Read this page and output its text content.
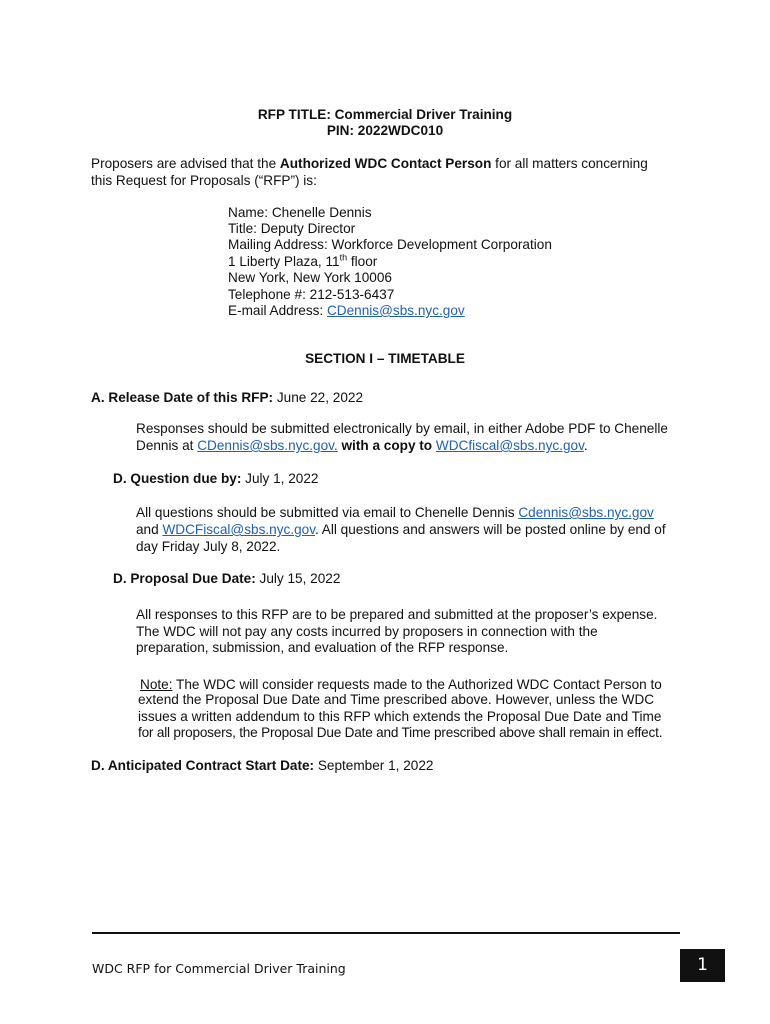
RFP TITLE: Commercial Driver Training
PIN: 2022WDC010
Proposers are advised that the Authorized WDC Contact Person for all matters concerning
this Request for Proposals (“RFP”) is:
Name: Chenelle Dennis
Title: Deputy Director
Mailing Address: Workforce Development Corporation
1 Liberty Plaza, 11th floor
New York, New York 10006
Telephone #: 212-513-6437
E-mail Address: CDennis@sbs.nyc.gov
SECTION I – TIMETABLE
A. Release Date of this RFP: June 22, 2022
Responses should be submitted electronically by email, in either Adobe PDF to Chenelle
Dennis at CDennis@sbs.nyc.gov. with a copy to WDCfiscal@sbs.nyc.gov.
D. Question due by: July 1, 2022
All questions should be submitted via email to Chenelle Dennis Cdennis@sbs.nyc.gov
and WDCFiscal@sbs.nyc.gov. All questions and answers will be posted online by end of
day Friday July 8, 2022.
D. Proposal Due Date: July 15, 2022
All responses to this RFP are to be prepared and submitted at the proposer’s expense.
The WDC will not pay any costs incurred by proposers in connection with the
preparation, submission, and evaluation of the RFP response.
Note: The WDC will consider requests made to the Authorized WDC Contact Person to
extend the Proposal Due Date and Time prescribed above. However, unless the WDC
issues a written addendum to this RFP which extends the Proposal Due Date and Time
for all proposers, the Proposal Due Date and Time prescribed above shall remain in effect.
D. Anticipated Contract Start Date: September 1, 2022
WDC RFP for Commercial Driver Training	1
